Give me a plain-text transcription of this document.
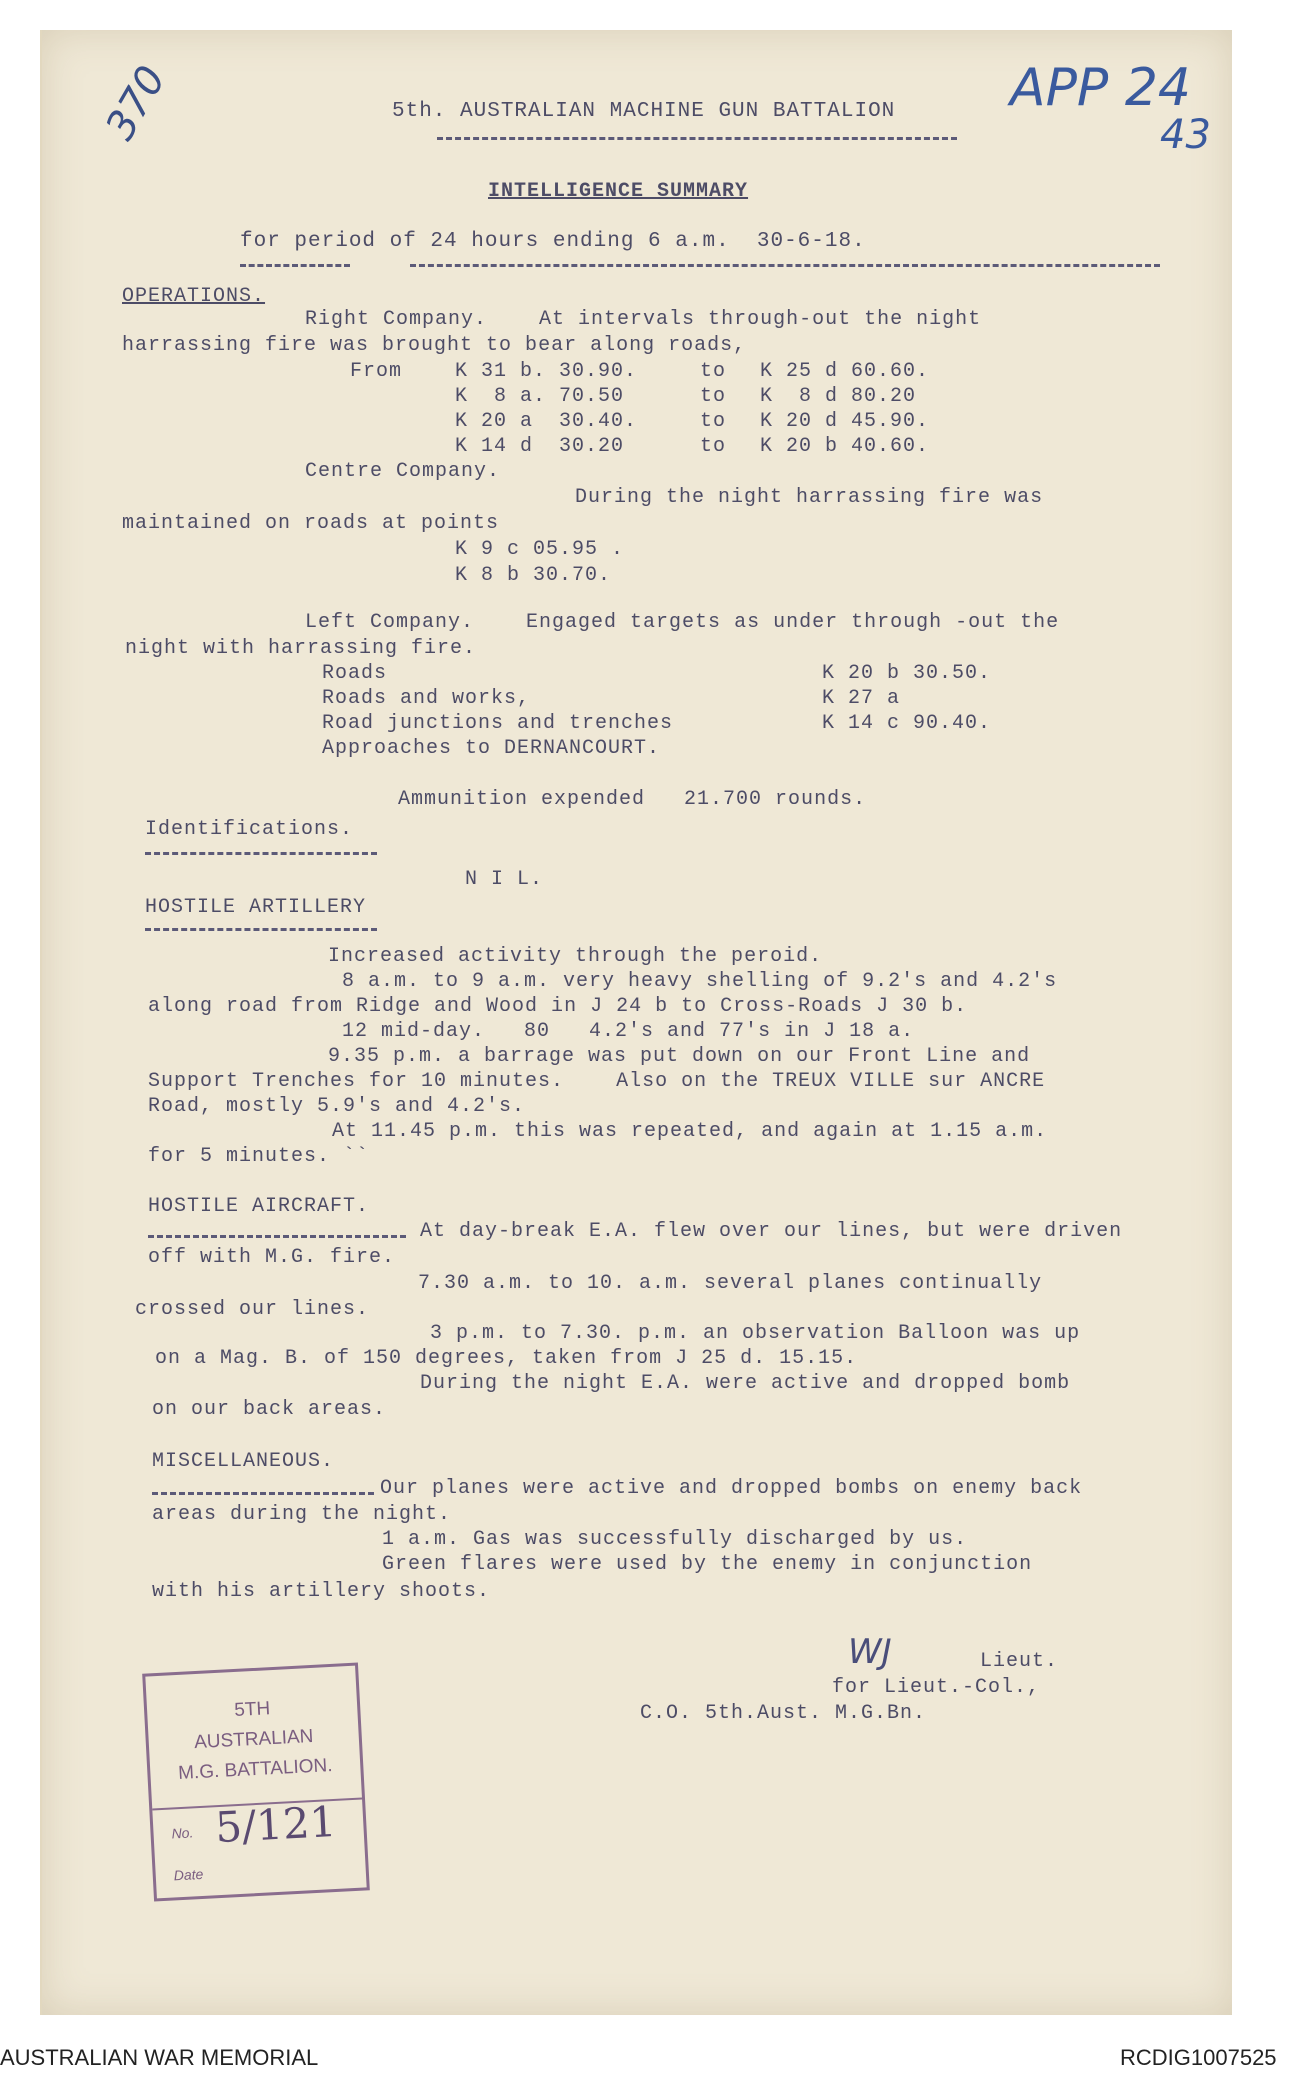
370	APP 24
43
5th. AUSTRALIAN MACHINE GUN BATTALION
INTELLIGENCE SUMMARY
for period of 24 hours ending 6 a.m.  30-6-18.
OPERATIONS.
Right Company.    At intervals through-out the night
harrassing fire was brought to bear along roads,
From	K 31 b. 30.90.	to K 25 d 60.60.
K  8 a. 70.50	to K  8 d 80.20
K 20 a  30.40.	to K 20 d 45.90.
K 14 d  30.20	to K 20 b 40.60.
Centre Company.
During the night harrassing fire was
maintained on roads at points
K 9 c 05.95 .
K 8 b 30.70.
Left Company.    Engaged targets as under through -out the
night with harrassing fire.
Roads	K 20 b 30.50.
Roads and works,	K 27 a
Road junctions and trenches	K 14 c 90.40.
Approaches to DERNANCOURT.
Ammunition expended   21.700 rounds.
Identifications.
N I L.
HOSTILE ARTILLERY
Increased activity through the peroid.
8 a.m. to 9 a.m. very heavy shelling of 9.2's and 4.2's
along road from Ridge and Wood in J 24 b to Cross-Roads J 30 b.
12 mid-day.   80   4.2's and 77's in J 18 a.
9.35 p.m. a barrage was put down on our Front Line and
Support Trenches for 10 minutes.    Also on the TREUX VILLE sur ANCRE
Road, mostly 5.9's and 4.2's.
At 11.45 p.m. this was repeated, and again at 1.15 a.m.
for 5 minutes. ``
HOSTILE AIRCRAFT.
At day-break E.A. flew over our lines, but were driven
off with M.G. fire.
7.30 a.m. to 10. a.m. several planes continually
crossed our lines.
3 p.m. to 7.30. p.m. an observation Balloon was up
on a Mag. B. of 150 degrees, taken from J 25 d. 15.15.
During the night E.A. were active and dropped bomb
on our back areas.
MISCELLANEOUS.
Our planes were active and dropped bombs on enemy back
areas during the night.
1 a.m. Gas was successfully discharged by us.
Green flares were used by the enemy in conjunction
with his artillery shoots.
WJ	Lieut.
for Lieut.-Col.,
C.O. 5th.Aust. M.G.Bn.
5TH
AUSTRALIAN
M.G. BATTALION.
No. 5/121
Date
AUSTRALIAN WAR MEMORIAL	RCDIG1007525
